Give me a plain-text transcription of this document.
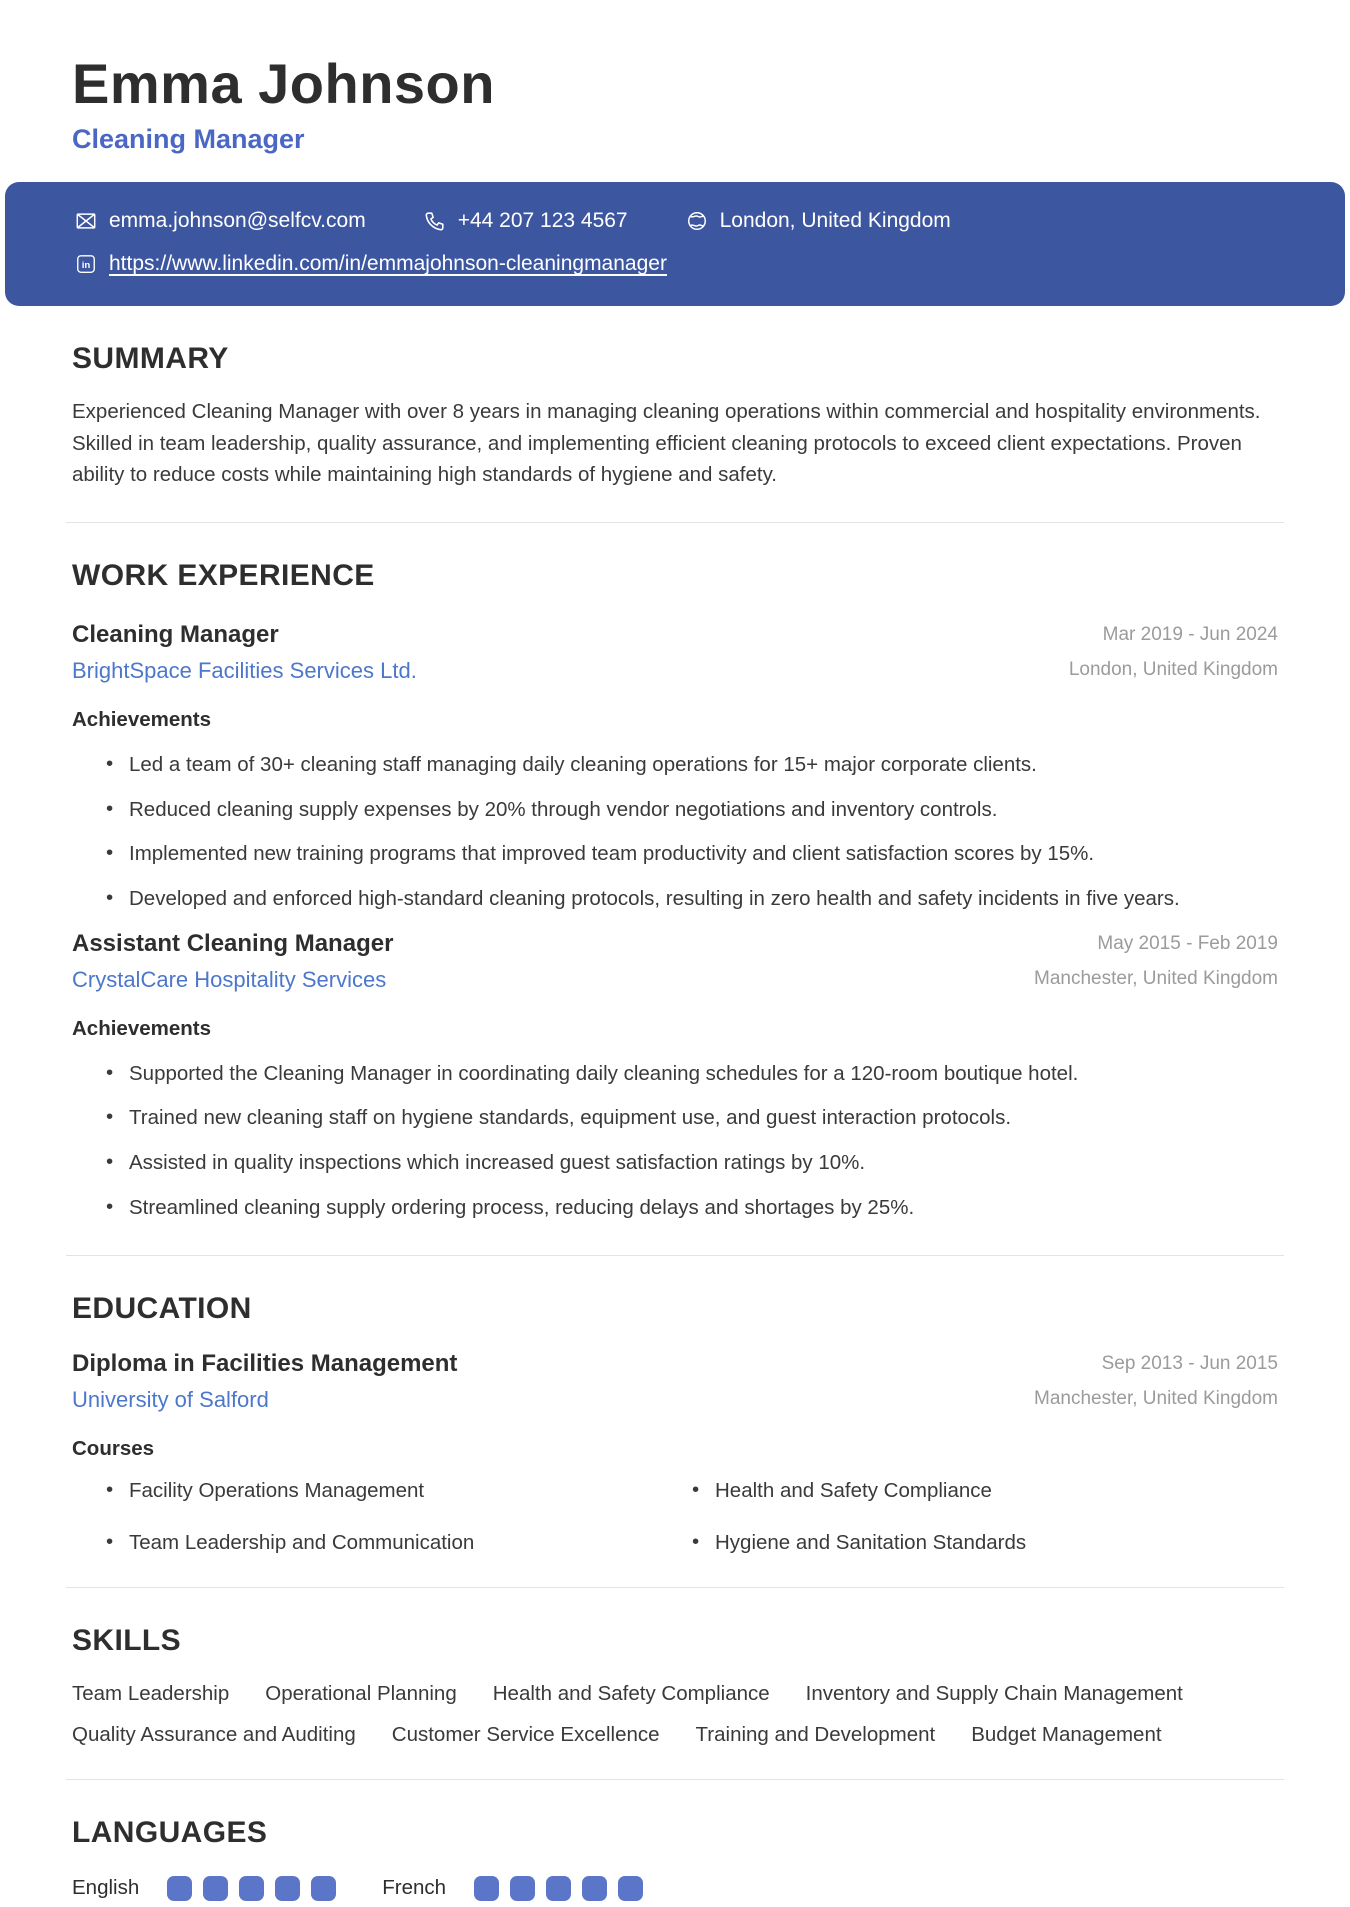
Emma Johnson
Cleaning Manager
emma.johnson@selfcv.com	+44 207 123 4567	London, United Kingdom
in https://www.linkedin.com/in/emmajohnson-cleaningmanager
SUMMARY

Experienced Cleaning Manager with over 8 years in managing cleaning operations within commercial and hospitality environments. Skilled in team leadership, quality assurance, and implementing efficient cleaning protocols to exceed client expectations. Proven ability to reduce costs while maintaining high standards of hygiene and safety.

WORK EXPERIENCE
Cleaning Manager
BrightSpace Facilities Services Ltd.
Mar 2019 - Jun 2024
London, United Kingdom
Achievements
• Led a team of 30+ cleaning staff managing daily cleaning operations for 15+ major corporate clients.
• Reduced cleaning supply expenses by 20% through vendor negotiations and inventory controls.
• Implemented new training programs that improved team productivity and client satisfaction scores by 15%.
• Developed and enforced high-standard cleaning protocols, resulting in zero health and safety incidents in five years.
Assistant Cleaning Manager
CrystalCare Hospitality Services
May 2015 - Feb 2019
Manchester, United Kingdom
Achievements
• Supported the Cleaning Manager in coordinating daily cleaning schedules for a 120-room boutique hotel.
• Trained new cleaning staff on hygiene standards, equipment use, and guest interaction protocols.
• Assisted in quality inspections which increased guest satisfaction ratings by 10%.
• Streamlined cleaning supply ordering process, reducing delays and shortages by 25%.
EDUCATION
Diploma in Facilities Management
University of Salford
Sep 2013 - Jun 2015
Manchester, United Kingdom
Courses
• Facility Operations Management	• Health and Safety Compliance
• Team Leadership and Communication	• Hygiene and Sanitation Standards
SKILLS
Team Leadership Operational Planning Health and Safety Compliance Inventory and Supply Chain Management
Quality Assurance and Auditing Customer Service Excellence Training and Development Budget Management
LANGUAGES
English	French
